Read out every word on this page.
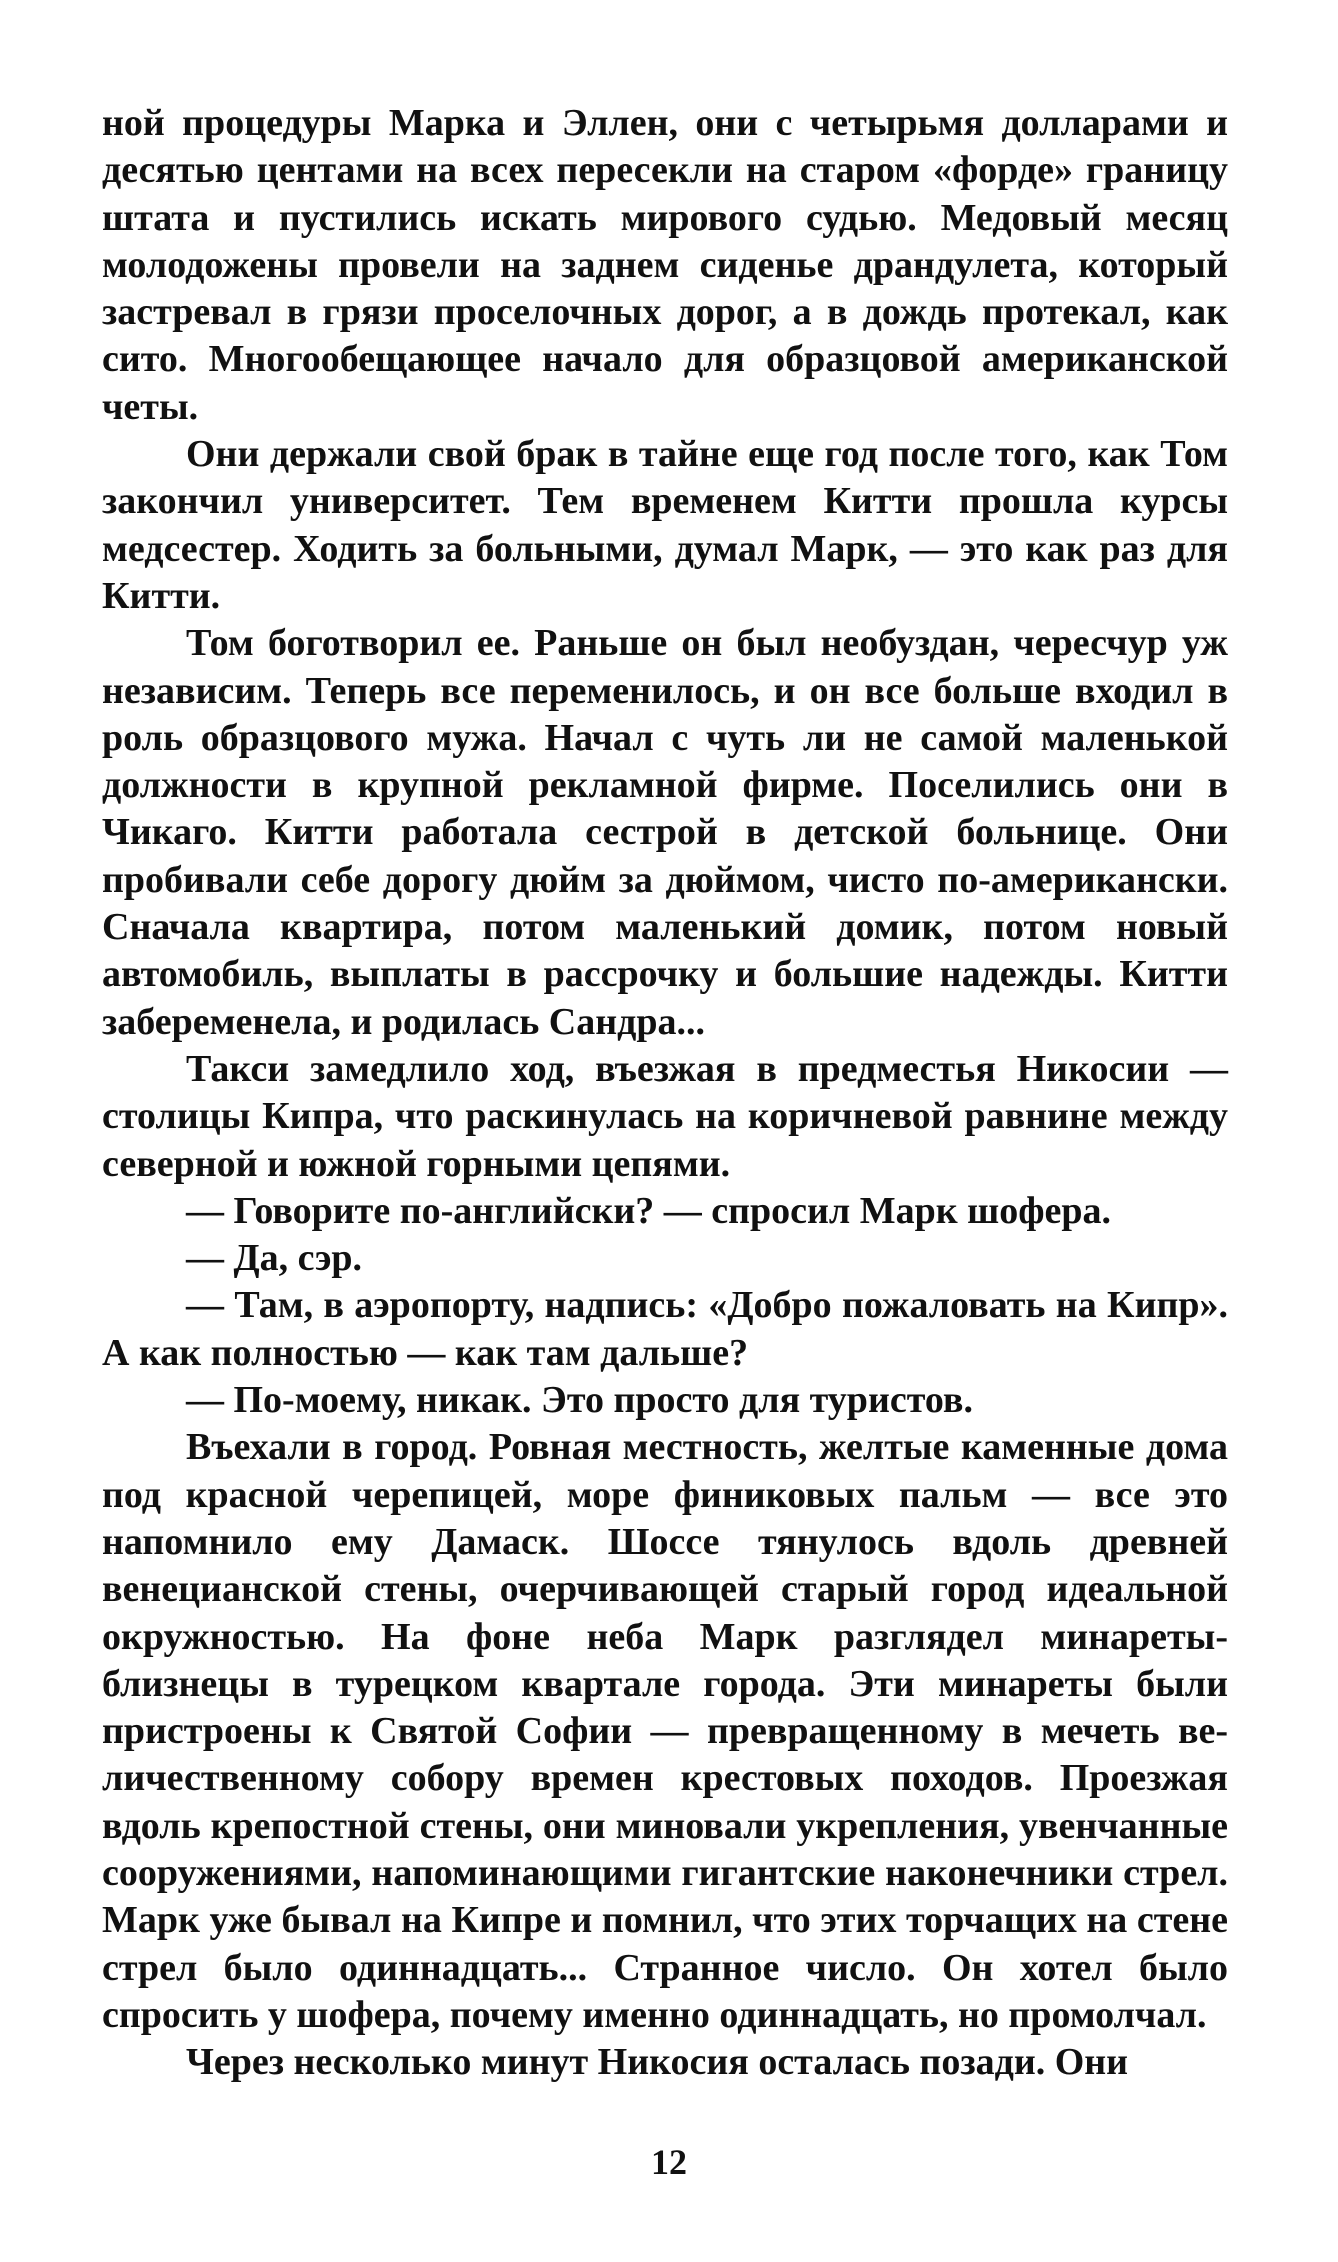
ной процедуры Марка и Эллен, они с четырьмя долларами и десятью центами на всех пересекли на старом «форде» границу штата и пустились искать мирового судью. Медовый месяц молодожены провели на заднем сиденье драндулета, который застревал в грязи проселочных дорог, а в дождь протекал, как сито. Многообещающее начало для образцовой американской четы.

Они держали свой брак в тайне еще год после того, как Том закончил университет. Тем временем Китти прошла курсы медсестер. Ходить за больными, думал Марк, — это как раз для Китти.

Том боготворил ее. Раньше он был необуздан, чересчур уж независим. Теперь все переменилось, и он все больше входил в роль образцового мужа. Начал с чуть ли не самой маленькой должности в крупной рекламной фирме. Поселились они в Чикаго. Китти работала сестрой в детской больнице. Они пробивали себе дорогу дюйм за дюймом, чисто по-американски. Сначала квартира, потом маленький домик, потом новый автомобиль, выплаты в рассрочку и большие надежды. Китти забеременела, и родилась Сандра...

Такси замедлило ход, въезжая в предместья Никосии — столицы Кипра, что раскинулась на коричневой равнине между северной и южной горными цепями.

— Говорите по-английски? — спросил Марк шофера.

— Да, сэр.

— Там, в аэропорту, надпись: «Добро пожаловать на Кипр». А как полностью — как там дальше?

— По-моему, никак. Это просто для туристов.

Въехали в город. Ровная местность, желтые каменные дома под красной черепицей, море финиковых пальм — все это напомнило ему Дамаск. Шоссе тянулось вдоль древней венецианской стены, очерчивающей старый город идеальной окружностью. На фоне неба Марк разглядел минареты-близнецы в турецком квартале города. Эти минареты были пристроены к Святой Софии — превращенному в мечеть величественному собору времен крестовых походов. Проезжая вдоль крепостной стены, они миновали укрепления, увенчанные сооружениями, напоминающими гигантские наконечники стрел. Марк уже бывал на Кипре и помнил, что этих торчащих на стене стрел было одиннадцать... Странное число. Он хотел было спросить у шофера, почему именно одиннадцать, но промолчал.

Через несколько минут Никосия осталась позади. Они

12
